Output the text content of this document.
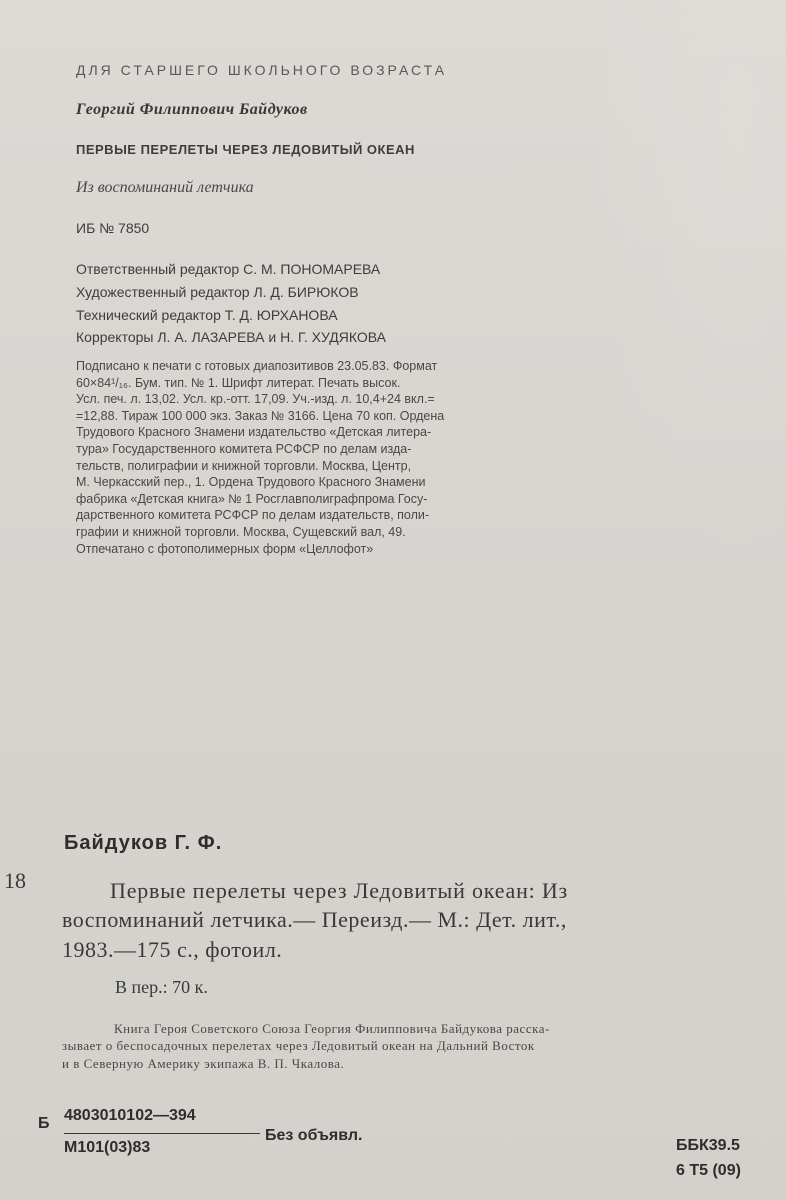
ДЛЯ СТАРШЕГО ШКОЛЬНОГО ВОЗРАСТА
Георгий Филиппович Байдуков
ПЕРВЫЕ ПЕРЕЛЕТЫ ЧЕРЕЗ ЛЕДОВИТЫЙ ОКЕАН
Из воспоминаний летчика
ИБ № 7850
Ответственный редактор С. М. ПОНОМАРЕВА
Художественный редактор Л. Д. БИРЮКОВ
Технический редактор Т. Д. ЮРХАНОВА
Корректоры Л. А. ЛАЗАРЕВА и Н. Г. ХУДЯКОВА
Подписано к печати с готовых диапозитивов 23.05.83. Формат
60×84¹/₁₆. Бум. тип. № 1. Шрифт литерат. Печать высок.
Усл. печ. л. 13,02. Усл. кр.-отт. 17,09. Уч.-изд. л. 10,4+24 вкл.=
=12,88. Тираж 100 000 экз. Заказ № 3166. Цена 70 коп. Ордена
Трудового Красного Знамени издательство «Детская литера-
тура» Государственного комитета РСФСР по делам изда-
тельств, полиграфии и книжной торговли. Москва, Центр,
М. Черкасский пер., 1. Ордена Трудового Красного Знамени
фабрика «Детская книга» № 1 Росглавполиграфпрома Госу-
дарственного комитета РСФСР по делам издательств, поли-
графии и книжной торговли. Москва, Сущевский вал, 49.
Отпечатано с фотополимерных форм «Целлофот»
Байдуков Г. Ф.
18	Первые перелеты через Ледовитый океан: Из
воспоминаний летчика.— Переизд.— М.: Дет. лит.,
1983.—175 с., фотоил.
В пер.: 70 к.
Книга Героя Советского Союза Георгия Филипповича Байдукова расска-
зывает о беспосадочных перелетах через Ледовитый океан на Дальний Восток
и в Северную Америку экипажа В. П. Чкалова.
Б 4803010102—394
М101(03)83
Без объявл.
ББК39.5
6 Т5 (09)
